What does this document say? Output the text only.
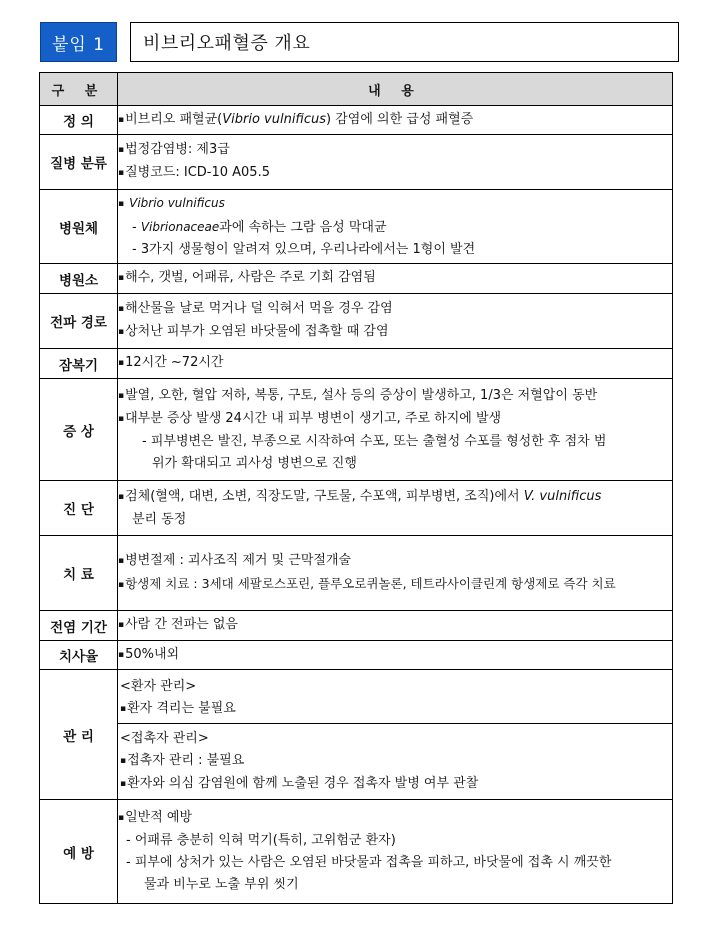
붙임 1	비브리오패혈증 개요
구 분	내 용
정 의	▪ 비브리오 패혈균(Vibrio vulnificus) 감염에 의한 급성 패혈증

질병 분류	▪ 법정감염병: 제3급
▪ 질병코드: ICD-10 A05.5

병원체	▪ Vibrio vulnificus
- Vibrionaceae과에 속하는 그람 음성 막대균
- 3가지 생물형이 알려져 있으며, 우리나라에서는 1형이 발견

병원소	▪ 해수, 갯벌, 어패류, 사람은 주로 기회 감염됨

전파 경로	▪ 해산물을 날로 먹거나 덜 익혀서 먹을 경우 감염
▪ 상처난 피부가 오염된 바닷물에 접촉할 때 감염

잠복기	▪ 12시간 ~72시간

증 상	▪ 발열, 오한, 혈압 저하, 복통, 구토, 설사 등의 증상이 발생하고, 1/3은 저혈압이 동반
▪ 대부분 증상 발생 24시간 내 피부 병변이 생기고, 주로 하지에 발생
- 피부병변은 발진, 부종으로 시작하여 수포, 또는 출혈성 수포를 형성한 후 점차 범
위가 확대되고 괴사성 병변으로 진행

진 단	▪ 검체(혈액, 대변, 소변, 직장도말, 구토물, 수포액, 피부병변, 조직)에서 V. vulnificus
분리 동정

치 료	▪ 병변절제 : 괴사조직 제거 및 근막절개술
▪ 항생제 치료 : 3세대 세팔로스포린, 플루오로퀴놀론, 테트라사이클린계 항생제로 즉각 치료

전염 기간	▪ 사람 간 전파는 없음

치사율	▪ 50%내외

관 리	<환자 관리>
▪ 환자 격리는 불필요
<접촉자 관리>
▪ 접촉자 관리 : 불필요
▪ 환자와 의심 감염원에 함께 노출된 경우 접촉자 발병 여부 관찰

예 방	▪ 일반적 예방
- 어패류 충분히 익혀 먹기(특히, 고위험군 환자)
- 피부에 상처가 있는 사람은 오염된 바닷물과 접촉을 피하고, 바닷물에 접촉 시 깨끗한
물과 비누로 노출 부위 씻기
